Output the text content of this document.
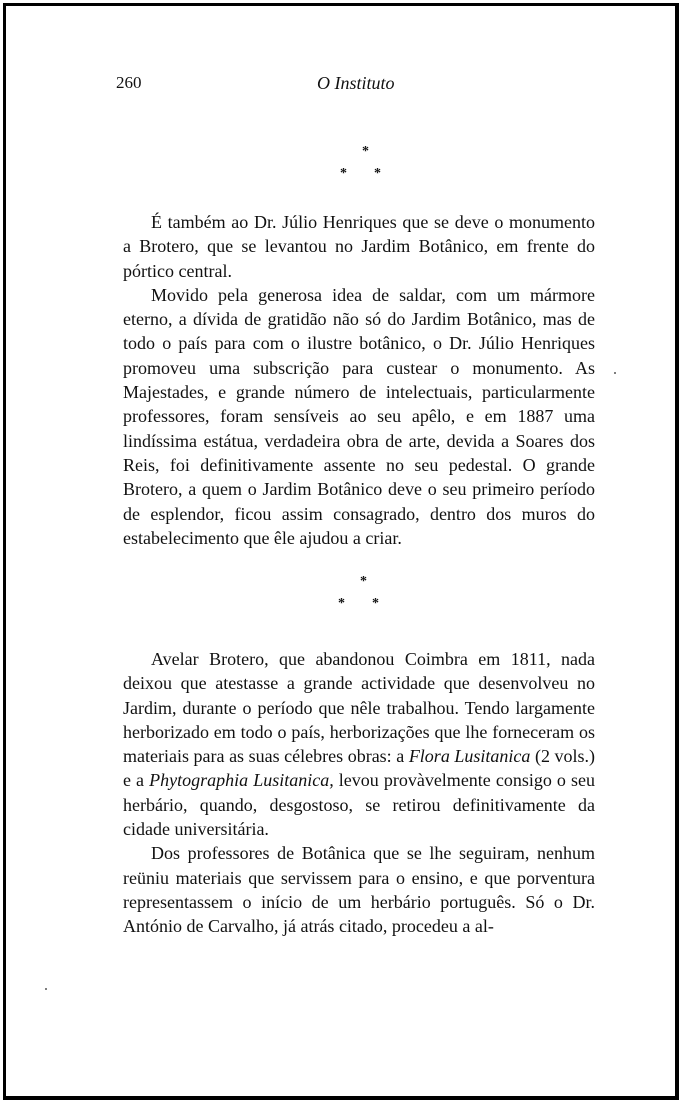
260	O Instituto
*
* *

É também ao Dr. Júlio Henriques que se deve o monumento a Brotero, que se levantou no Jardim Botânico, em frente do pórtico central.

Movido pela generosa idea de saldar, com um mármore eterno, a dívida de gratidão não só do Jardim Botânico, mas de todo o país para com o ilustre botânico, o Dr. Júlio Henriques promoveu uma subscrição para custear o monumento. As Majestades, e grande número de intelectuais, particularmente professores, foram sensíveis ao seu apêlo, e em 1887 uma lindíssima estátua, verdadeira obra de arte, devida a Soares dos Reis, foi definitivamente assente no seu pedestal. O grande Brotero, a quem o Jardim Botânico deve o seu primeiro período de esplendor, ficou assim consagrado, dentro dos muros do estabelecimento que êle ajudou a criar.

*
* *

Avelar Brotero, que abandonou Coimbra em 1811, nada deixou que atestasse a grande actividade que desenvolveu no Jardim, durante o período que nêle trabalhou. Tendo largamente herborizado em todo o país, herborizações que lhe forneceram os materiais para as suas célebres obras: a Flora Lusitanica (2 vols.) e a Phytographia Lusitanica, levou provàvelmente consigo o seu herbário, quando, desgostoso, se retirou definitivamente da cidade universitária.

Dos professores de Botânica que se lhe seguiram, nenhum reüniu materiais que servissem para o ensino, e que porventura representassem o início de um herbário português. Só o Dr. António de Carvalho, já atrás citado, procedeu a al-
